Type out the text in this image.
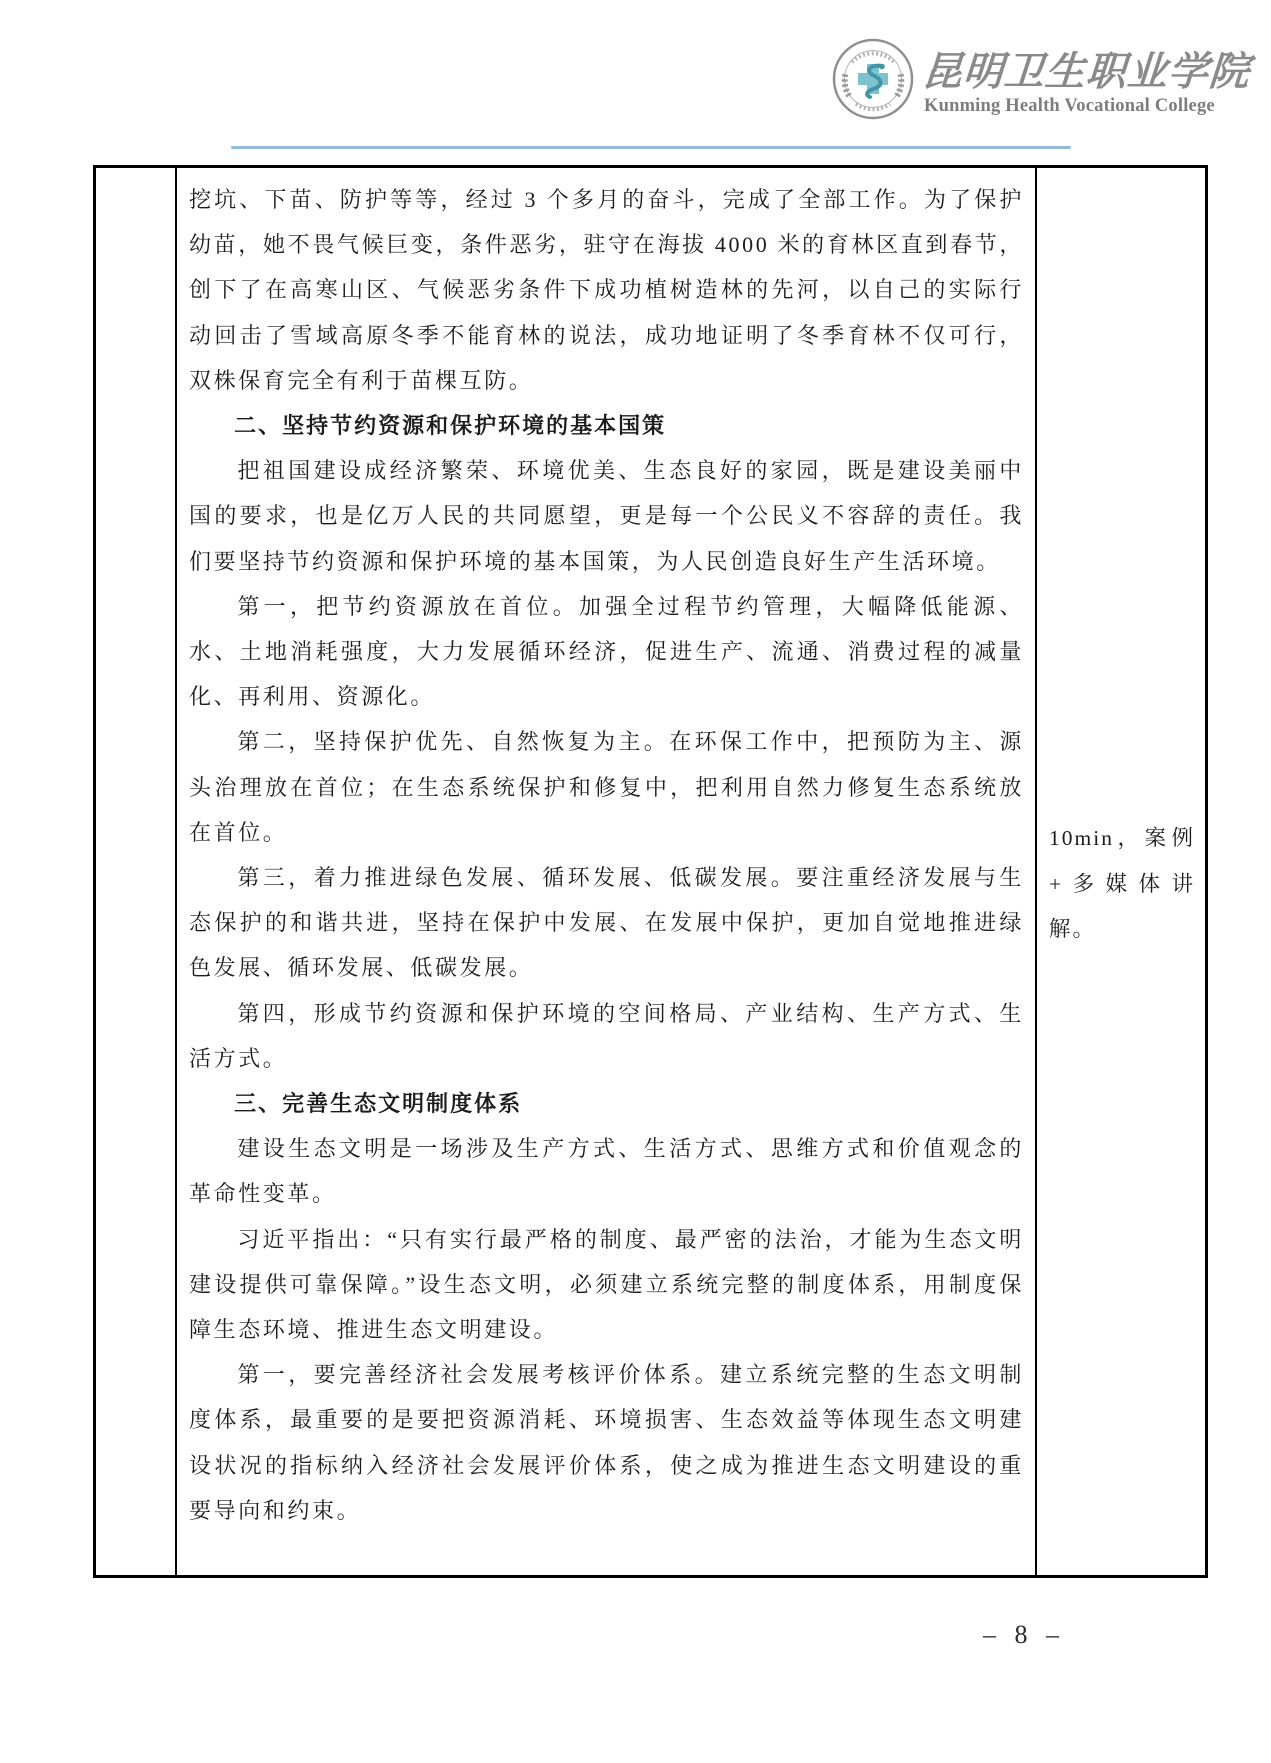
昆明卫生职业学院
Kunming Health Vocational College

挖坑、下苗、防护等等，经过 3 个多月的奋斗，完成了全部工作。为了保护幼苗，她不畏气候巨变，条件恶劣，驻守在海拔 4000 米的育林区直到春节，创下了在高寒山区、气候恶劣条件下成功植树造林的先河，以自己的实际行动回击了雪域高原冬季不能育林的说法，成功地证明了冬季育林不仅可行，双株保育完全有利于苗棵互防。

二、坚持节约资源和保护环境的基本国策

把祖国建设成经济繁荣、环境优美、生态良好的家园，既是建设美丽中国的要求，也是亿万人民的共同愿望，更是每一个公民义不容辞的责任。我们要坚持节约资源和保护环境的基本国策，为人民创造良好生产生活环境。

第一，把节约资源放在首位。加强全过程节约管理，大幅降低能源、水、土地消耗强度，大力发展循环经济，促进生产、流通、消费过程的减量化、再利用、资源化。

第二，坚持保护优先、自然恢复为主。在环保工作中，把预防为主、源头治理放在首位；在生态系统保护和修复中，把利用自然力修复生态系统放在首位。

第三，着力推进绿色发展、循环发展、低碳发展。要注重经济发展与生态保护的和谐共进，坚持在保护中发展、在发展中保护，更加自觉地推进绿色发展、循环发展、低碳发展。

第四，形成节约资源和保护环境的空间格局、产业结构、生产方式、生活方式。

三、完善生态文明制度体系

建设生态文明是一场涉及生产方式、生活方式、思维方式和价值观念的革命性变革。

习近平指出：“只有实行最严格的制度、最严密的法治，才能为生态文明建设提供可靠保障。”设生态文明，必须建立系统完整的制度体系，用制度保障生态环境、推进生态文明建设。

第一，要完善经济社会发展考核评价体系。建立系统完整的生态文明制度体系，最重要的是要把资源消耗、环境损害、生态效益等体现生态文明建设状况的指标纳入经济社会发展评价体系，使之成为推进生态文明建设的重要导向和约束。

10min，案例+多媒体讲解。

– 8 –
